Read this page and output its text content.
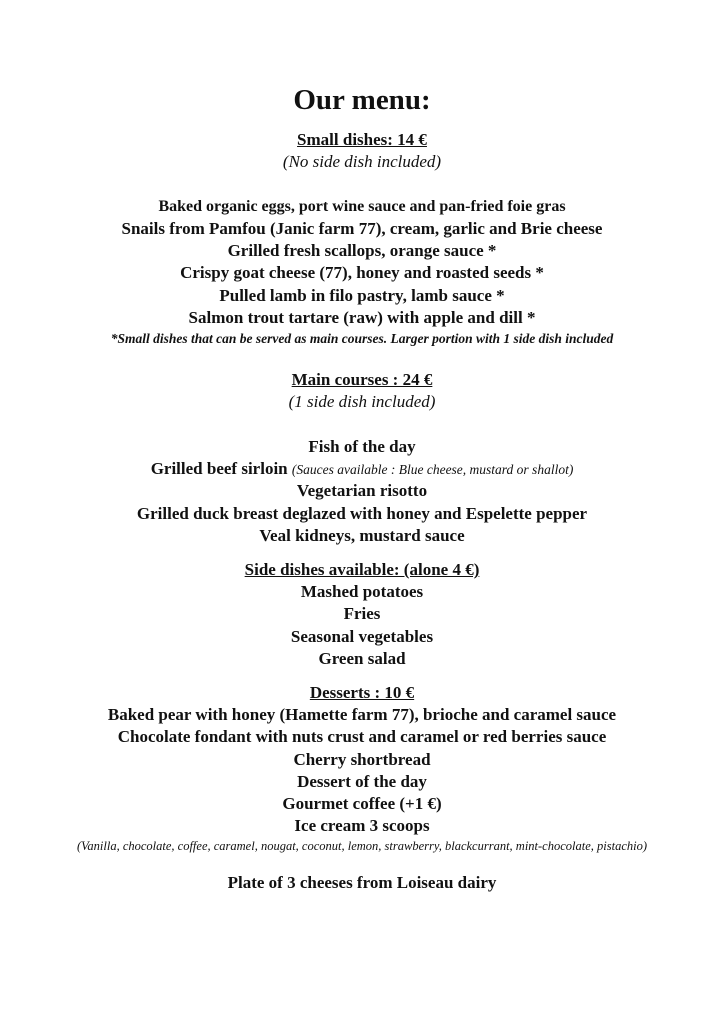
Our menu:
Small dishes: 14 €
(No side dish included)
Baked organic eggs, port wine sauce and pan-fried foie gras
Snails from Pamfou (Janic farm 77), cream, garlic and Brie cheese
Grilled fresh scallops, orange sauce *
Crispy goat cheese (77), honey and roasted seeds *
Pulled lamb in filo pastry, lamb sauce *
Salmon trout tartare (raw) with apple and dill *
*Small dishes that can be served as main courses. Larger portion with 1 side dish included
Main courses : 24 €
(1 side dish included)
Fish of the day
Grilled beef sirloin (Sauces available : Blue cheese, mustard or shallot)
Vegetarian risotto
Grilled duck breast deglazed with honey and Espelette pepper
Veal kidneys, mustard sauce
Side dishes available: (alone 4 €)
Mashed potatoes
Fries
Seasonal vegetables
Green salad
Desserts : 10 €
Baked pear with honey (Hamette farm 77), brioche and caramel sauce
Chocolate fondant with nuts crust and caramel or red berries sauce
Cherry shortbread
Dessert of the day
Gourmet coffee (+1 €)
Ice cream 3 scoops
(Vanilla, chocolate, coffee, caramel, nougat, coconut, lemon, strawberry, blackcurrant, mint-chocolate, pistachio)
Plate of 3 cheeses from Loiseau dairy
